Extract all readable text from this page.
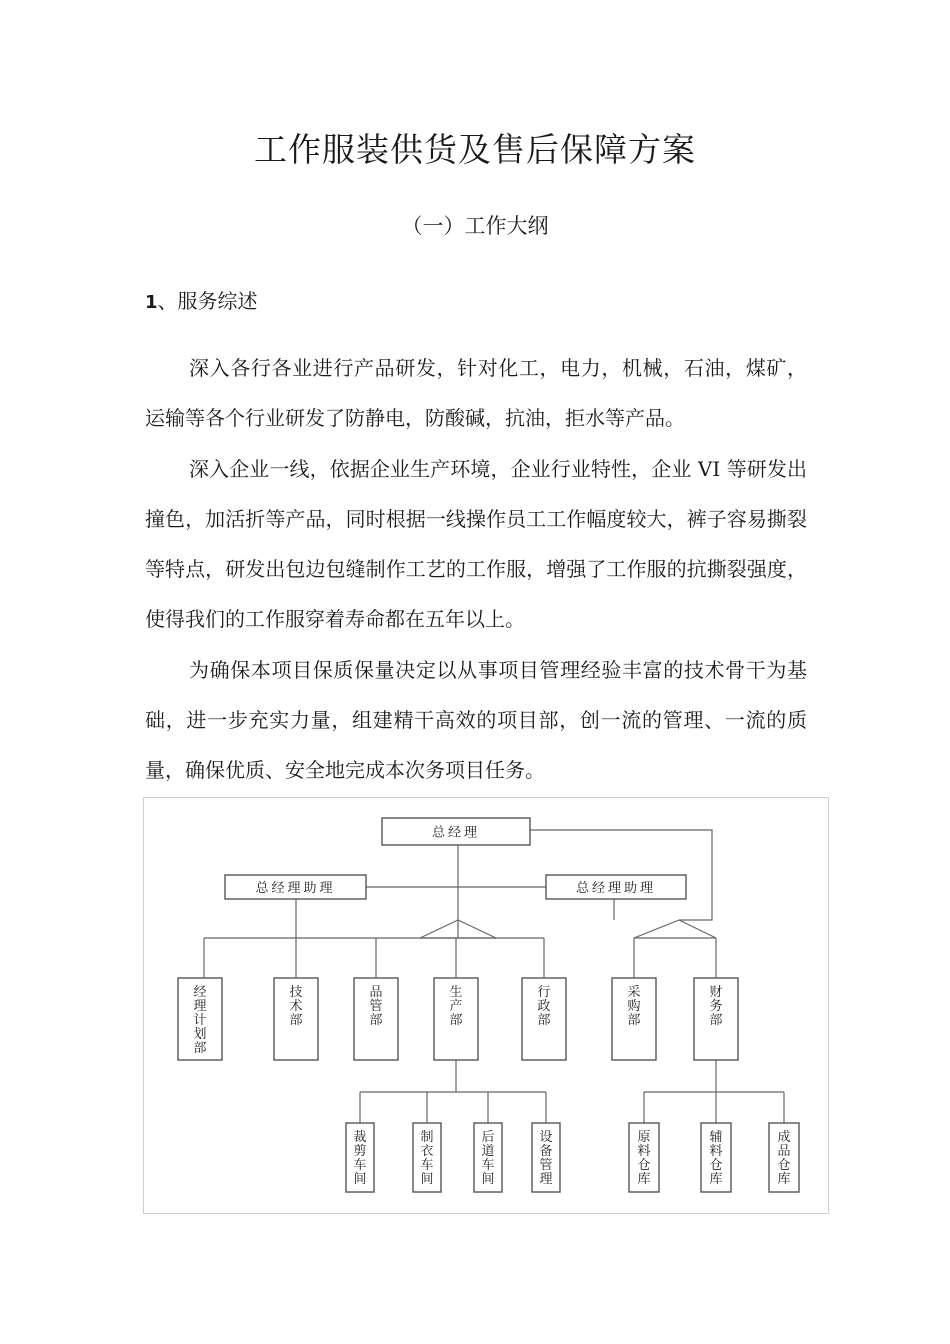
工作服装供货及售后保障方案
（一）工作大纲

1、服务综述

深入各行各业进行产品研发，针对化工，电力，机械，石油，煤矿，运输等各个行业研发了防静电，防酸碱，抗油，拒水等产品。

深入企业一线，依据企业生产环境，企业行业特性，企业 VI 等研发出撞色，加活折等产品，同时根据一线操作员工工作幅度较大，裤子容易撕裂等特点，研发出包边包缝制作工艺的工作服，增强了工作服的抗撕裂强度，使得我们的工作服穿着寿命都在五年以上。

为确保本项目保质保量决定以从事项目管理经验丰富的技术骨干为基础，进一步充实力量，组建精干高效的项目部，创一流的管理、一流的质量，确保优质、安全地完成本次务项目任务。

总经理
总经理助理	总经理助理
经
理
计
划
部
技
术
部
品
管
部
生
产
部
行
政
部
采
购
部
财
务
部
裁
剪
车
间
制
衣
车
间
后
道
车
间
设
备
管
理
原
料
仓
库
辅
料
仓
库
成
品
仓
库
